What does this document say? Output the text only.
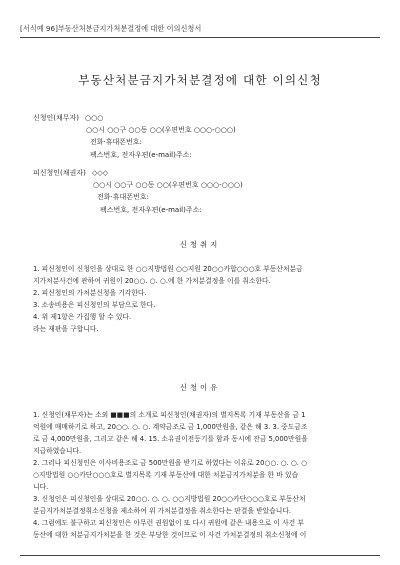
[서식예 96]부동산처분금지가처분결정에 대한 이의신청서
부동산처분금지가처분결정에 대한 이의신청
신청인(채무자) ○○○
○○시 ○○구 ○○동 ○○(우편번호 ○○○-○○○)
전화·휴대폰번호:
팩스번호, 전자우편(e-mail)주소:
피신청인(채권자) ◇◇◇
○○시 ○○구 ○○동 ○○(우편번호 ○○○-○○○)
전화·휴대폰번호:
팩스번호, 전자우편(e-mail)주소:
신청취지
1. 피신청인이 신청인을 상대로 한 ○○지방법원 ○○지원 20○○카합○○○호 부동산처분금
지가처분사건에 관하여 귀원이 20○○. ○. ○.에 한 가처분결정을 이를 취소한다.
2. 피신청인의 가처분신청을 기각한다.
3. 소송비용은 피신청인의 부담으로 한다.
4. 위 제1항은 가집행 할 수 있다.
라는 재판을 구합니다.
신청이유
1. 신청인(채무자)는 소외 ■■■의 소개로 피신청인(채권자)의 별지목록 기재 부동산을 금 1
억원에 매매하기로 하고, 20○○. ○. ○. 계약금조로 금 1,000만원을, 같은 해 3. 3. 중도금조
로 금 4,000만원을, 그리고 같은 해 4. 15. 소유권이전등기를 함과 동시에 잔금 5,000만원을
지급하였습니다.
2. 그러나 피신청인은 이사비용조로 금 500만원을 받기로 하였다는 이유로 20○○. ○. ○. ○
○지방법원 ○○카단○○○호로 별지목록 기재 부동산에 대한 처분금지가처분을 한 바 있습
니다.
3. 신청인은 피신청인을 상대로 20○○. ○. ○. ○○지방법원 20○○카단○○○호로 부동산처
분금지가처분결정취소신청을 제소하여 위 가처분결정을 취소한다는 판결을 받았습니다.
4. 그럼에도 불구하고 피신청인은 아무런 권원없이 또 다시 귀원에 같은 내용으로 이 사건 부
동산에 대한 처분금지가처분을 한 것은 부당한 것이므로 이 사건 가처분결정의 취소신청에 이
